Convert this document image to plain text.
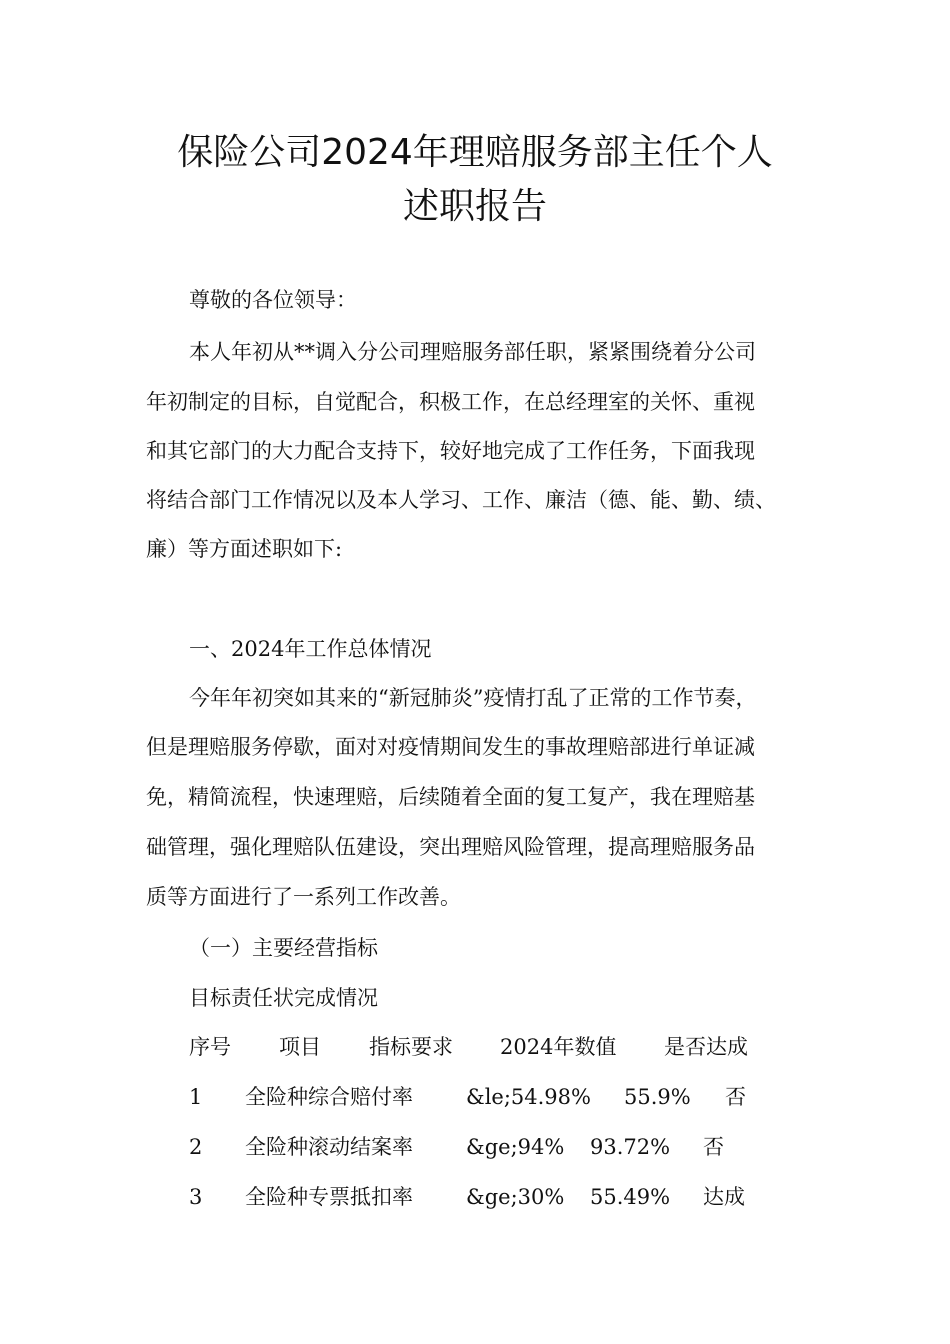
保险公司2024年理赔服务部主任个人
述职报告

尊敬的各位领导：

本人年初从**调入分公司理赔服务部任职，紧紧围绕着分公司

年初制定的目标，自觉配合，积极工作，在总经理室的关怀、重视

和其它部门的大力配合支持下，较好地完成了工作任务，下面我现

将结合部门工作情况以及本人学习、工作、廉洁（德、能、勤、绩、

廉）等方面述职如下:

一、2024年工作总体情况

今年年初突如其来的“新冠肺炎”疫情打乱了正常的工作节奏，

但是理赔服务停歇，面对对疫情期间发生的事故理赔部进行单证减

免，精简流程，快速理赔，后续随着全面的复工复产，我在理赔基

础管理，强化理赔队伍建设，突出理赔风险管理，提高理赔服务品

质等方面进行了一系列工作改善。

（一）主要经营指标

目标责任状完成情况

序号 项目 指标要求 2024年数值 是否达成
1 全险种综合赔付率	&le;54.98% 55.9% 否
2 全险种滚动结案率	&ge;94% 93.72% 否
3 全险种专票抵扣率	&ge;30% 55.49% 达成
